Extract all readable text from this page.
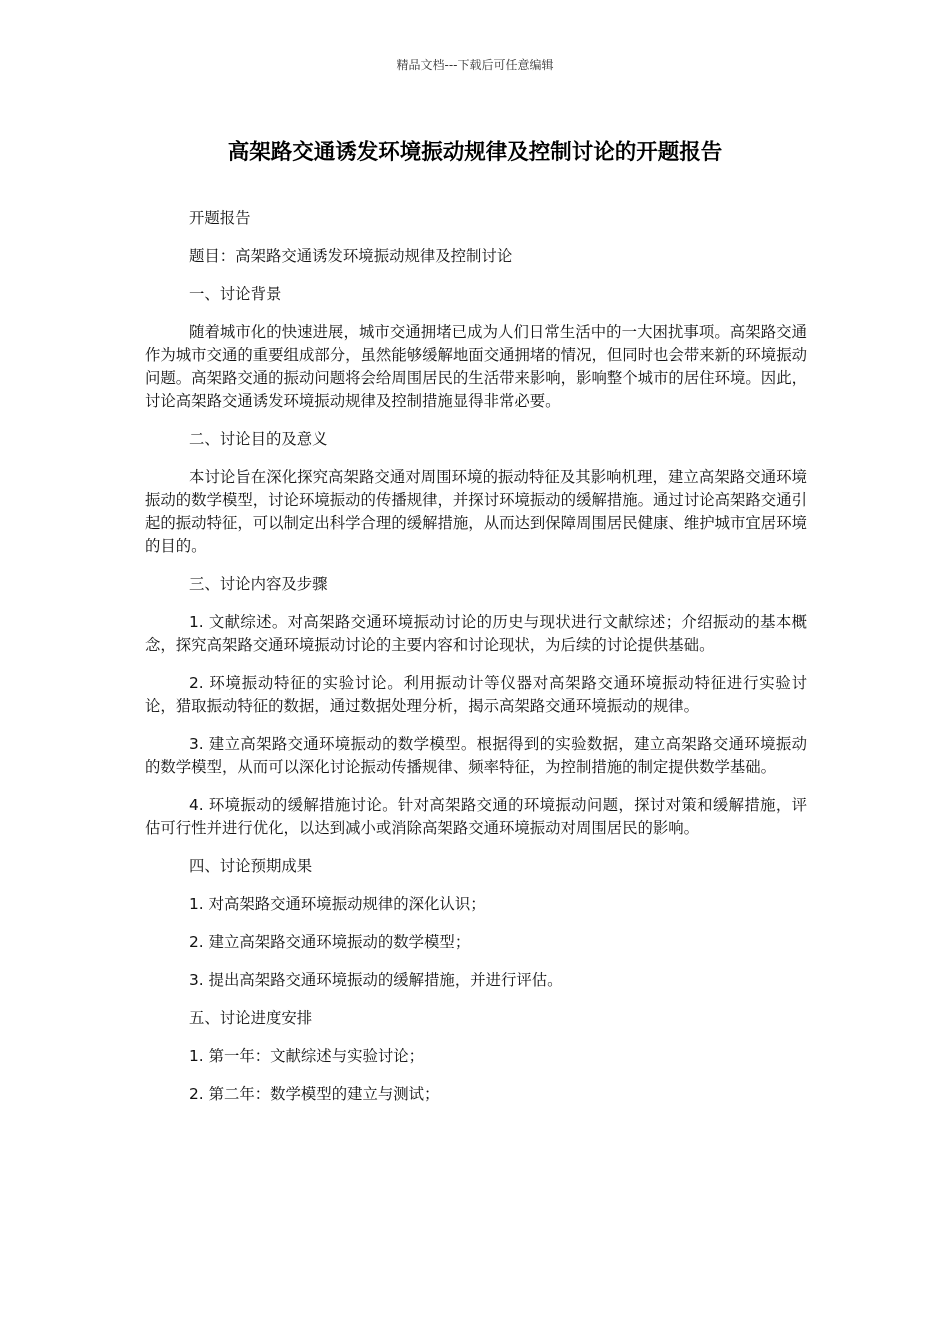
精品文档---下载后可任意编辑
高架路交通诱发环境振动规律及控制讨论的开题报告

开题报告

题目：高架路交通诱发环境振动规律及控制讨论

一、讨论背景

随着城市化的快速进展，城市交通拥堵已成为人们日常生活中的一大困扰事项。高架路交通作为城市交通的重要组成部分，虽然能够缓解地面交通拥堵的情况，但同时也会带来新的环境振动问题。高架路交通的振动问题将会给周围居民的生活带来影响，影响整个城市的居住环境。因此，讨论高架路交通诱发环境振动规律及控制措施显得非常必要。

二、讨论目的及意义

本讨论旨在深化探究高架路交通对周围环境的振动特征及其影响机理，建立高架路交通环境振动的数学模型，讨论环境振动的传播规律，并探讨环境振动的缓解措施。通过讨论高架路交通引起的振动特征，可以制定出科学合理的缓解措施，从而达到保障周围居民健康、维护城市宜居环境的目的。

三、讨论内容及步骤

1. 文献综述。对高架路交通环境振动讨论的历史与现状进行文献综述；介绍振动的基本概念，探究高架路交通环境振动讨论的主要内容和讨论现状，为后续的讨论提供基础。

2. 环境振动特征的实验讨论。利用振动计等仪器对高架路交通环境振动特征进行实验讨论，猎取振动特征的数据，通过数据处理分析，揭示高架路交通环境振动的规律。

3. 建立高架路交通环境振动的数学模型。根据得到的实验数据，建立高架路交通环境振动的数学模型，从而可以深化讨论振动传播规律、频率特征，为控制措施的制定提供数学基础。

4. 环境振动的缓解措施讨论。针对高架路交通的环境振动问题，探讨对策和缓解措施，评估可行性并进行优化，以达到减小或消除高架路交通环境振动对周围居民的影响。

四、讨论预期成果

1. 对高架路交通环境振动规律的深化认识；

2. 建立高架路交通环境振动的数学模型；

3. 提出高架路交通环境振动的缓解措施，并进行评估。

五、讨论进度安排

1. 第一年：文献综述与实验讨论；

2. 第二年：数学模型的建立与测试；
